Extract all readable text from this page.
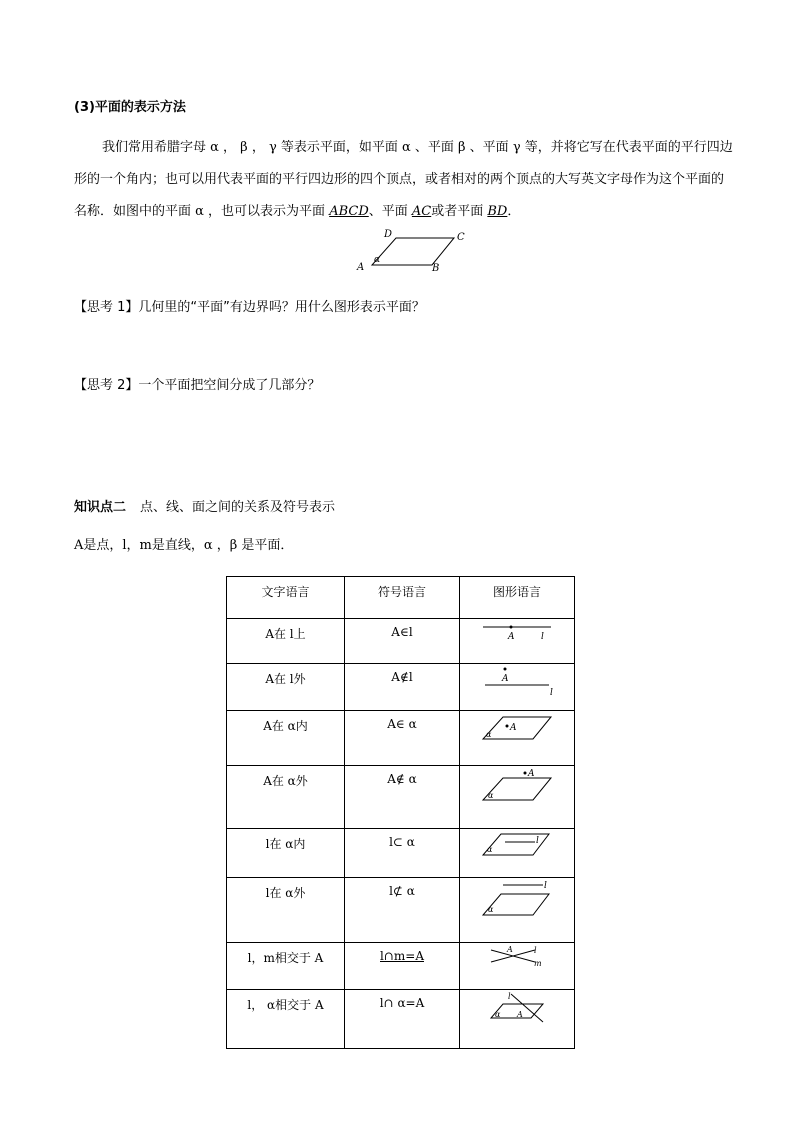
(3)平面的表示方法
我们常用希腊字母 α ， β ， γ 等表示平面，如平面 α 、平面 β 、平面 γ 等，并将它写在代表平面的平行四边形的一个角内；也可以用代表平面的平行四边形的四个顶点，或者相对的两个顶点的大写英文字母作为这个平面的名称．如图中的平面 α ，也可以表示为平面 ABCD、平面 AC或者平面 BD．
A	B
C
D
α
【思考 1】几何里的“平面”有边界吗？用什么图形表示平面？
【思考 2】一个平面把空间分成了几部分？
知识点二 点、线、面之间的关系及符号表示
A是点，l，m是直线，α ，β 是平面．
文字语言	符号语言	图形语言
A在 l上	A∈l	A l

A在 l外	A∉l	A
l

A在 α内	A∈ α	A
α

A在 α外	A∉ α	A
α

l在 α内	l⊂ α	l
α

l在 α外	l⊄ α	l
α

l，m相交于 A	l∩m=A	A l
m

l， α相交于 A	l∩ α=A	l
A
α
